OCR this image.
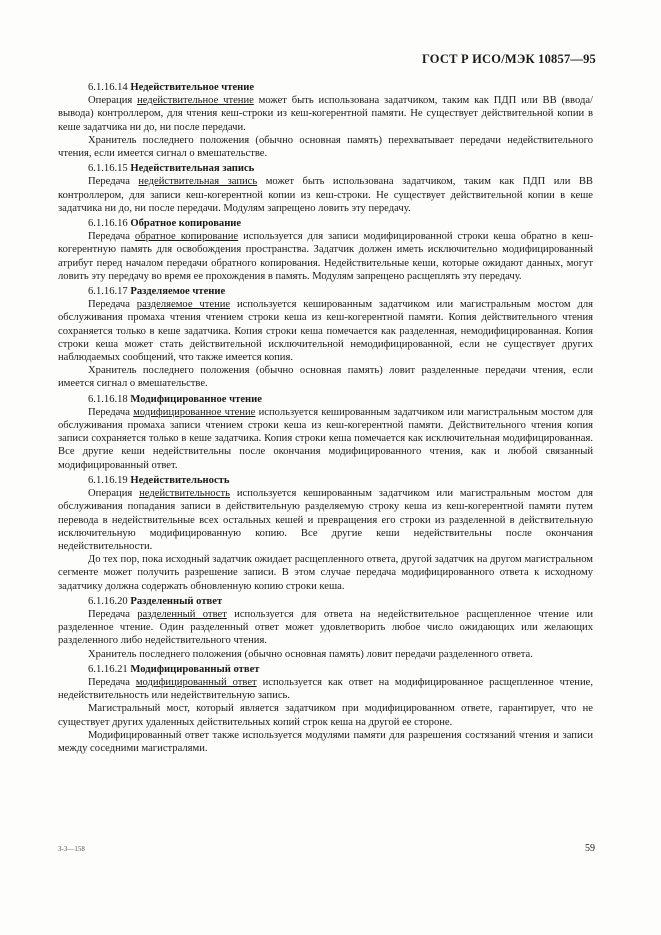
ГОСТ Р ИСО/МЭК 10857—95
6.1.16.14 Недействительное чтение

Операция недействительное чтение может быть использована задатчиком, таким как ПДП или ВВ (ввода/вывода) контроллером, для чтения кеш-строки из кеш-когерентной памяти. Не существует действительной копии в кеше задатчика ни до, ни после передачи.

Хранитель последнего положения (обычно основная память) перехватывает передачи недействительного чтения, если имеется сигнал о вмешательстве.

6.1.16.15 Недействительная запись

Передача недействительная запись может быть использована задатчиком, таким как ПДП или ВВ контроллером, для записи кеш-когерентной копии из кеш-строки. Не существует действительной копии в кеше задатчика ни до, ни после передачи. Модулям запрещено ловить эту передачу.

6.1.16.16 Обратное копирование

Передача обратное копирование используется для записи модифицированной строки кеша обратно в кеш-когерентную память для освобождения пространства. Задатчик должен иметь исключительно модифицированный атрибут перед началом передачи обратного копирования. Недействительные кеши, которые ожидают данных, могут ловить эту передачу во время ее прохождения в память. Модулям запрещено расщеплять эту передачу.

6.1.16.17 Разделяемое чтение

Передача разделяемое чтение используется кешированным задатчиком или магистральным мостом для обслуживания промаха чтения чтением строки кеша из кеш-когерентной памяти. Копия действительного чтения сохраняется только в кеше задатчика. Копия строки кеша помечается как разделенная, немодифицированная. Копия строки кеша может стать действительной исключительной немодифицированной, если не существует других наблюдаемых сообщений, что также имеется копия.

Хранитель последнего положения (обычно основная память) ловит разделенные передачи чтения, если имеется сигнал о вмешательстве.

6.1.16.18 Модифицированное чтение

Передача модифицированное чтение используется кешированным задатчиком или магистральным мостом для обслуживания промаха записи чтением строки кеша из кеш-когерентной памяти. Действительного чтения копия записи сохраняется только в кеше задатчика. Копия строки кеша помечается как исключительная модифицированная. Все другие кеши недействительны после окончания модифицированного чтения, как и любой связанный модифицированный ответ.

6.1.16.19 Недействительность

Операция недействительность используется кешированным задатчиком или магистральным мостом для обслуживания попадания записи в действительную разделяемую строку кеша из кеш-когерентной памяти путем перевода в недействительные всех остальных кешей и превращения его строки из разделенной в действительную исключительную модифицированную копию. Все другие кеши недействительны после окончания недействительности.

До тех пор, пока исходный задатчик ожидает расщепленного ответа, другой задатчик на другом магистральном сегменте может получить разрешение записи. В этом случае передача модифицированного ответа к исходному задатчику должна содержать обновленную копию строки кеша.

6.1.16.20 Разделенный ответ

Передача разделенный ответ используется для ответа на недействительное расщепленное чтение или разделенное чтение. Один разделенный ответ может удовлетворить любое число ожидающих или желающих разделенного либо недействительного чтения.

Хранитель последнего положения (обычно основная память) ловит передачи разделенного ответа.

6.1.16.21 Модифицированный ответ

Передача модифицированный ответ используется как ответ на модифицированное расщепленное чтение, недействительность или недействительную запись.

Магистральный мост, который является задатчиком при модифицированном ответе, гарантирует, что не существует других удаленных действительных копий строк кеша на другой ее стороне.

Модифицированный ответ также используется модулями памяти для разрешения состязаний чтения и записи между соседними магистралями.

3-3—158	59
